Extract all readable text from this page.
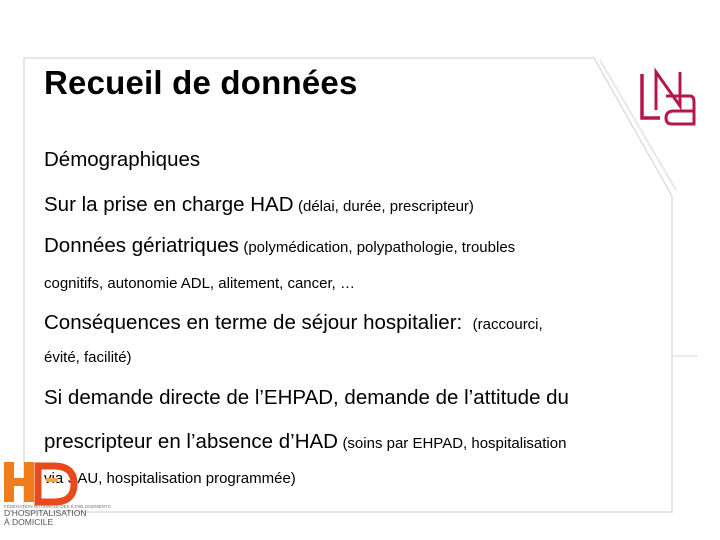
Recueil de données
Démographiques
Sur la prise en charge HAD (délai, durée, prescripteur)
Données gériatriques (polymédication, polypathologie, troubles
cognitifs, autonomie ADL, alitement, cancer, …
Conséquences en terme de séjour hospitalier: (raccourci,
évité, facilité)
Si demande directe de l’EHPAD, demande de l’attitude du
prescripteur en l’absence d’HAD (soins par EHPAD, hospitalisation
via SAU, hospitalisation programmée)
FÉDÉRATION NATIONALE DES ÉTABLISSEMENTS
D'HOSPITALISATION
À DOMICILE
